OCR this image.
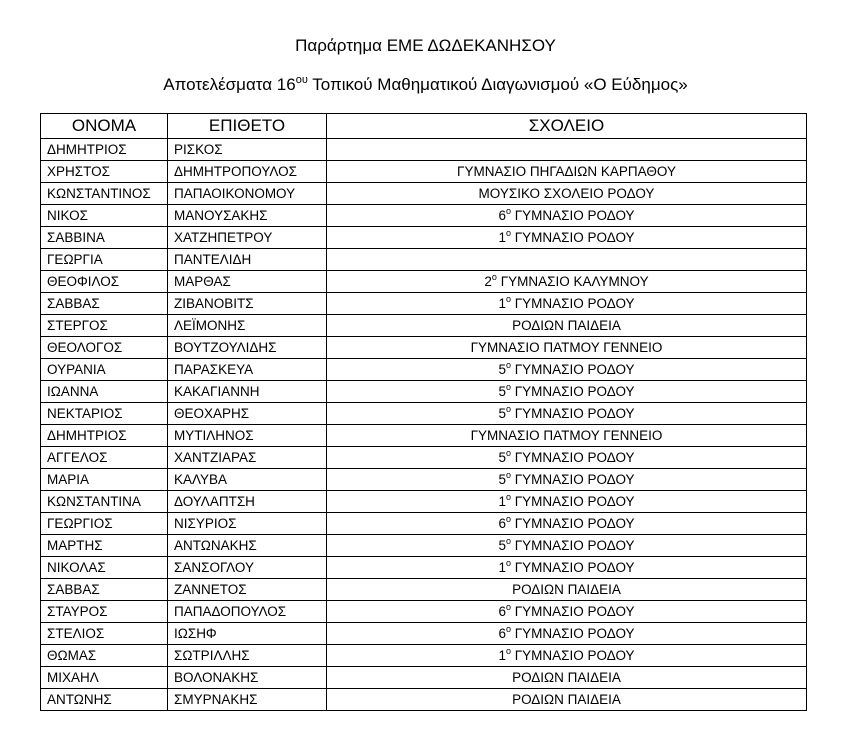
Παράρτημα ΕΜΕ ΔΩΔΕΚΑΝΗΣΟΥ
Αποτελέσματα $16^{o\upsilon}$ Τοπικού Μαθηματικού Διαγωνισμού «Ο Εύδημος»
ΟΝΟΜΑ	ΕΠΙΘΕΤΟ	ΣΧΟΛΕΙΟ
ΔΗΜΗΤΡΙΟΣ	ΡΙΣΚΟΣ	
ΧΡΗΣΤΟΣ	ΔΗΜΗΤΡΟΠΟΥΛΟΣ	ΓΥΜΝΑΣΙΟ ΠΗΓΑΔΙΩΝ ΚΑΡΠΑΘΟΥ
ΚΩΝΣΤΑΝΤΙΝΟΣ	ΠΑΠΑΟΙΚΟΝΟΜΟΥ	ΜΟΥΣΙΚΟ ΣΧΟΛΕΙΟ ΡΟΔΟΥ
ΝΙΚΟΣ	ΜΑΝΟΥΣΑΚΗΣ	$6^o$ ΓΥΜΝΑΣΙΟ ΡΟΔΟΥ
ΣΑΒΒΙΝΑ	ΧΑΤΖΗΠΕΤΡΟΥ	$1^o$ ΓΥΜΝΑΣΙΟ ΡΟΔΟΥ
ΓΕΩΡΓΙΑ	ΠΑΝΤΕΛΙΔΗ	
ΘΕΟΦΙΛΟΣ	ΜΑΡΘΑΣ	$2^o$ ΓΥΜΝΑΣΙΟ ΚΑΛΥΜΝΟΥ
ΣΑΒΒΑΣ	ΖΙΒΑΝΟΒΙΤΣ	$1^o$ ΓΥΜΝΑΣΙΟ ΡΟΔΟΥ
ΣΤΕΡΓΟΣ	ΛΕΪΜΟΝΗΣ	ΡΟΔΙΩΝ ΠΑΙΔΕΙΑ
ΘΕΟΛΟΓΟΣ	ΒΟΥΤΖΟΥΛΙΔΗΣ	ΓΥΜΝΑΣΙΟ ΠΑΤΜΟΥ ΓΕΝΝΕΙΟ
ΟΥΡΑΝΙΑ	ΠΑΡΑΣΚΕΥΑ	$5^o$ ΓΥΜΝΑΣΙΟ ΡΟΔΟΥ
ΙΩΑΝΝΑ	ΚΑΚΑΓΙΑΝΝΗ	$5^o$ ΓΥΜΝΑΣΙΟ ΡΟΔΟΥ
ΝΕΚΤΑΡΙΟΣ	ΘΕΟΧΑΡΗΣ	$5^o$ ΓΥΜΝΑΣΙΟ ΡΟΔΟΥ
ΔΗΜΗΤΡΙΟΣ	ΜΥΤΙΛΗΝΟΣ	ΓΥΜΝΑΣΙΟ ΠΑΤΜΟΥ ΓΕΝΝΕΙΟ
ΑΓΓΕΛΟΣ	ΧΑΝΤΖΙΑΡΑΣ	$5^o$ ΓΥΜΝΑΣΙΟ ΡΟΔΟΥ
ΜΑΡΙΑ	ΚΑΛΥΒΑ	$5^o$ ΓΥΜΝΑΣΙΟ ΡΟΔΟΥ
ΚΩΝΣΤΑΝΤΙΝΑ	ΔΟΥΛΑΠΤΣΗ	$1^o$ ΓΥΜΝΑΣΙΟ ΡΟΔΟΥ
ΓΕΩΡΓΙΟΣ	ΝΙΣΥΡΙΟΣ	$6^o$ ΓΥΜΝΑΣΙΟ ΡΟΔΟΥ
ΜΑΡΤΗΣ	ΑΝΤΩΝΑΚΗΣ	$5^o$ ΓΥΜΝΑΣΙΟ ΡΟΔΟΥ
ΝΙΚΟΛΑΣ	ΣΑΝΣΟΓΛΟΥ	$1^o$ ΓΥΜΝΑΣΙΟ ΡΟΔΟΥ
ΣΑΒΒΑΣ	ΖΑΝΝΕΤΟΣ	ΡΟΔΙΩΝ ΠΑΙΔΕΙΑ
ΣΤΑΥΡΟΣ	ΠΑΠΑΔΟΠΟΥΛΟΣ	$6^o$ ΓΥΜΝΑΣΙΟ ΡΟΔΟΥ
ΣΤΕΛΙΟΣ	ΙΩΣΗΦ	$6^o$ ΓΥΜΝΑΣΙΟ ΡΟΔΟΥ
ΘΩΜΑΣ	ΣΩΤΡΙΛΛΗΣ	$1^o$ ΓΥΜΝΑΣΙΟ ΡΟΔΟΥ
ΜΙΧΑΗΛ	ΒΟΛΟΝΑΚΗΣ	ΡΟΔΙΩΝ ΠΑΙΔΕΙΑ
ΑΝΤΩΝΗΣ	ΣΜΥΡΝΑΚΗΣ	ΡΟΔΙΩΝ ΠΑΙΔΕΙΑ
